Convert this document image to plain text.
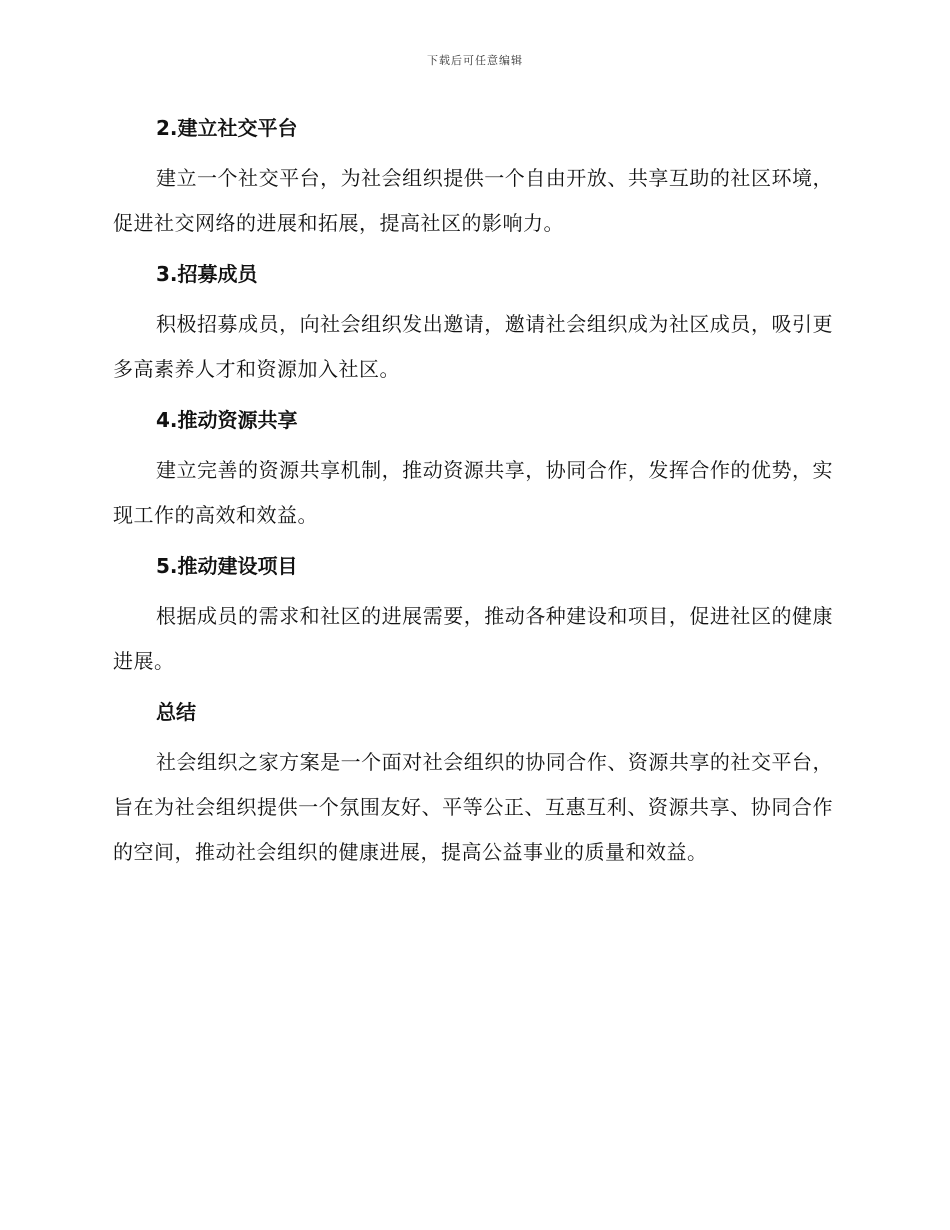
下载后可任意编辑
2.建立社交平台

建立一个社交平台，为社会组织提供一个自由开放、共享互助的社区环境，促进社交网络的进展和拓展，提高社区的影响力。

3.招募成员

积极招募成员，向社会组织发出邀请，邀请社会组织成为社区成员，吸引更多高素养人才和资源加入社区。

4.推动资源共享

建立完善的资源共享机制，推动资源共享，协同合作，发挥合作的优势，实现工作的高效和效益。

5.推动建设项目

根据成员的需求和社区的进展需要，推动各种建设和项目，促进社区的健康进展。

总结

社会组织之家方案是一个面对社会组织的协同合作、资源共享的社交平台，旨在为社会组织提供一个氛围友好、平等公正、互惠互利、资源共享、协同合作的空间，推动社会组织的健康进展，提高公益事业的质量和效益。
